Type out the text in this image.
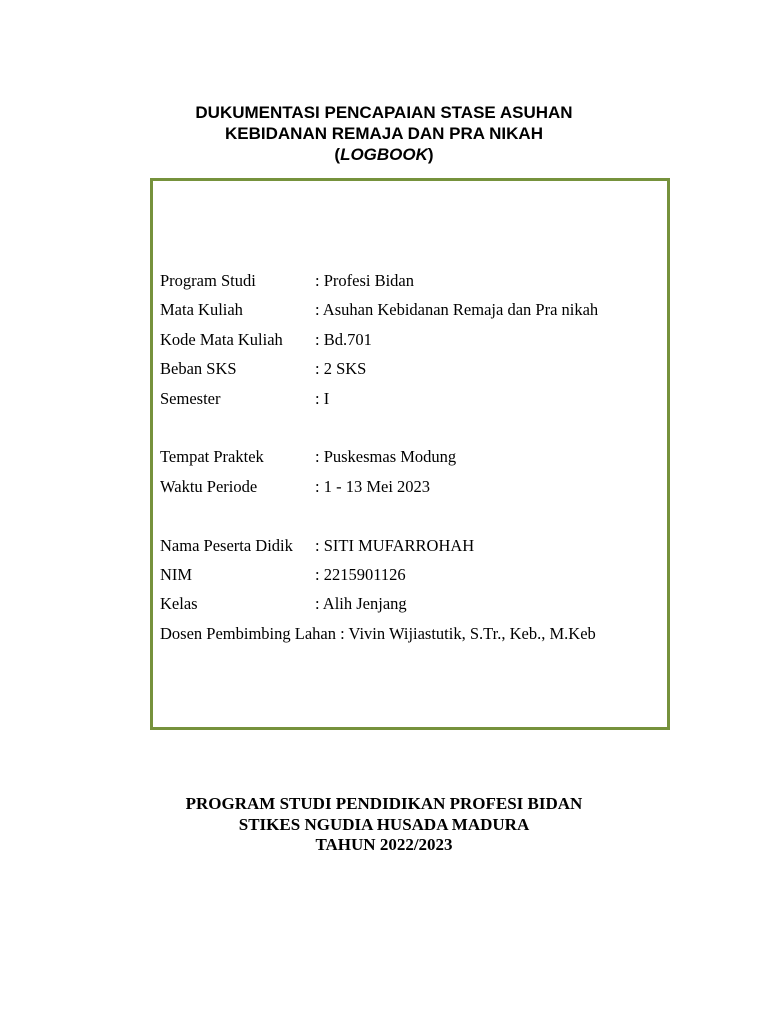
DUKUMENTASI PENCAPAIAN STASE ASUHAN
KEBIDANAN REMAJA DAN PRA NIKAH
(LOGBOOK)
Program Studi	: Profesi Bidan
Mata Kuliah	: Asuhan Kebidanan Remaja dan Pra nikah
Kode Mata Kuliah	: Bd.701
Beban SKS	: 2 SKS
Semester	: I
Tempat Praktek	: Puskesmas Modung
Waktu Periode	: 1 - 13 Mei 2023
Nama Peserta Didik	: SITI MUFARROHAH
NIM	: 2215901126
Kelas	: Alih Jenjang
Dosen Pembimbing Lahan : Vivin Wijiastutik, S.Tr., Keb., M.Keb
PROGRAM STUDI PENDIDIKAN PROFESI BIDAN
STIKES NGUDIA HUSADA MADURA
TAHUN 2022/2023
